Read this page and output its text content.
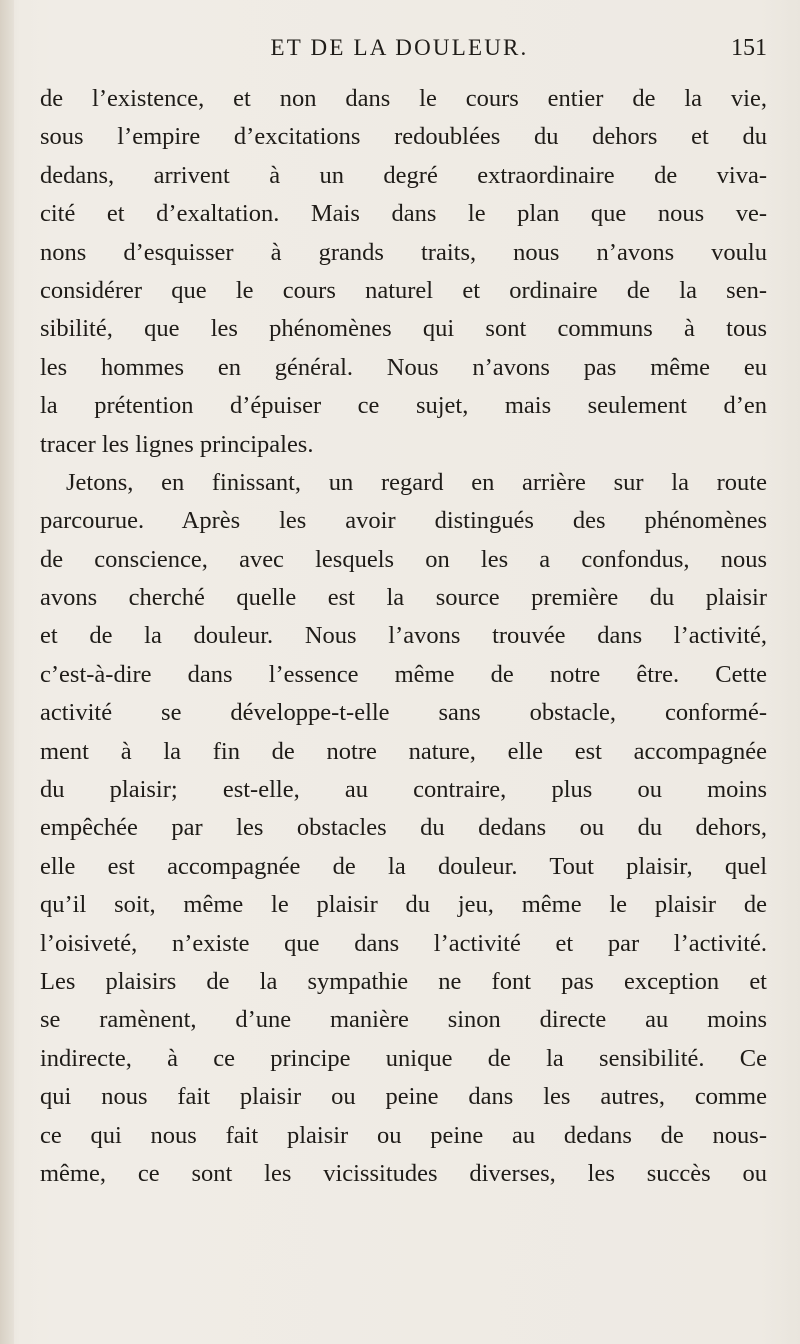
ET DE LA DOULEUR.	151
de l’existence, et non dans le cours entier de la vie,
sous l’empire d’excitations redoublées du dehors et du
dedans, arrivent à un degré extraordinaire de viva-
cité et d’exaltation. Mais dans le plan que nous ve-
nons d’esquisser à grands traits, nous n’avons voulu
considérer que le cours naturel et ordinaire de la sen-
sibilité, que les phénomènes qui sont communs à tous
les hommes en général. Nous n’avons pas même eu
la prétention d’épuiser ce sujet, mais seulement d’en
tracer les lignes principales.
Jetons, en finissant, un regard en arrière sur la route
parcourue. Après les avoir distingués des phénomènes
de conscience, avec lesquels on les a confondus, nous
avons cherché quelle est la source première du plaisir
et de la douleur. Nous l’avons trouvée dans l’activité,
c’est-à-dire dans l’essence même de notre être. Cette
activité se développe-t-elle sans obstacle, conformé-
ment à la fin de notre nature, elle est accompagnée
du plaisir; est-elle, au contraire, plus ou moins
empêchée par les obstacles du dedans ou du dehors,
elle est accompagnée de la douleur. Tout plaisir, quel
qu’il soit, même le plaisir du jeu, même le plaisir de
l’oisiveté, n’existe que dans l’activité et par l’activité.
Les plaisirs de la sympathie ne font pas exception et
se ramènent, d’une manière sinon directe au moins
indirecte, à ce principe unique de la sensibilité. Ce
qui nous fait plaisir ou peine dans les autres, comme
ce qui nous fait plaisir ou peine au dedans de nous-
même, ce sont les vicissitudes diverses, les succès ou
